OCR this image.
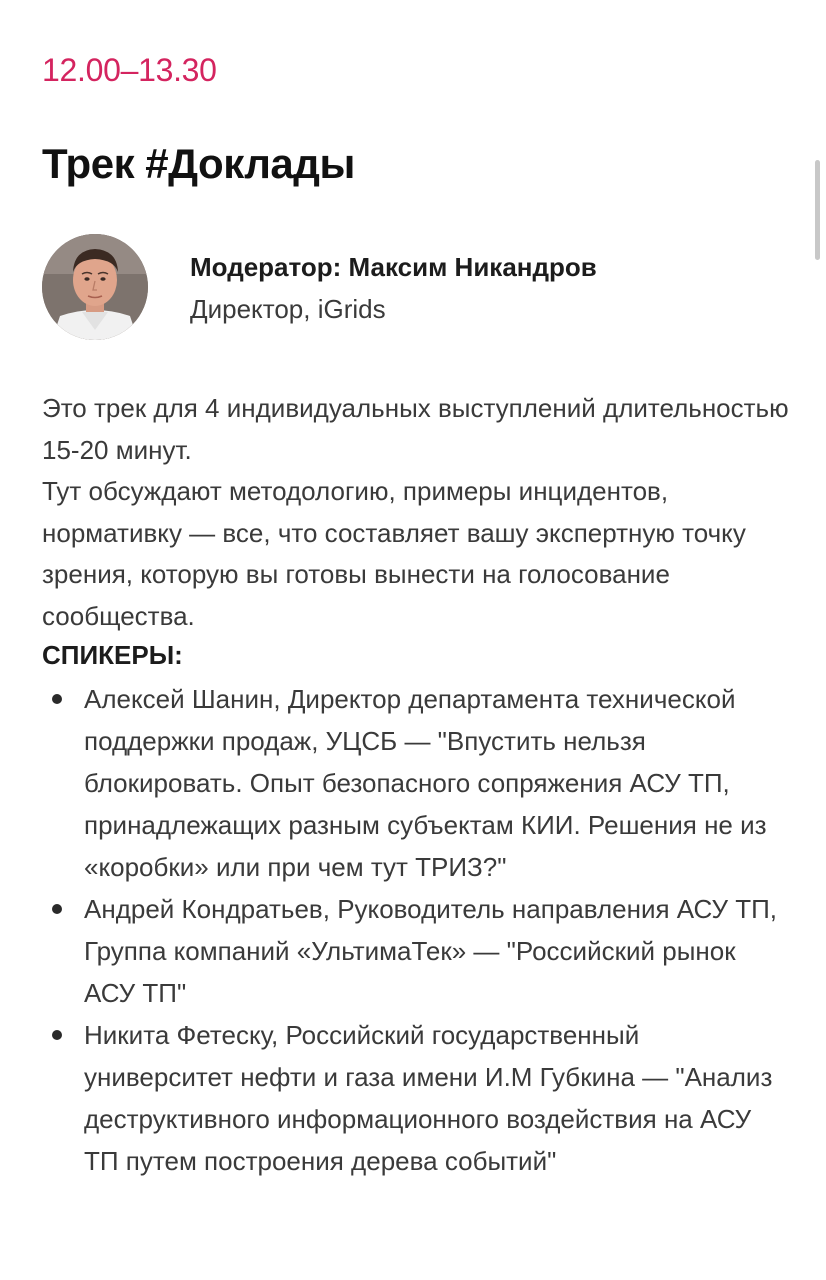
12.00–13.30
Трек #Доклады
Модератор: Максим Никандров
Директор, iGrids

Это трек для 4 индивидуальных выступлений длительностью 15-20 минут.

Тут обсуждают методологию, примеры инцидентов, нормативку — все, что составляет вашу экспертную точку зрения, которую вы готовы вынести на голосование сообщества.

СПИКЕРЫ:
Алексей Шанин, Директор департамента технической поддержки продаж, УЦСБ — "Впустить нельзя блокировать. Опыт безопасного сопряжения АСУ ТП, принадлежащих разным субъектам КИИ. Решения не из «коробки» или при чем тут ТРИЗ?"
Андрей Кондратьев, Руководитель направления АСУ ТП, Группа компаний «УльтимаТек» — "Российский рынок АСУ ТП"
Никита Фетеску, Российский государственный университет нефти и газа имени И.М Губкина — "Анализ деструктивного информационного воздействия на АСУ ТП путем построения дерева событий"
